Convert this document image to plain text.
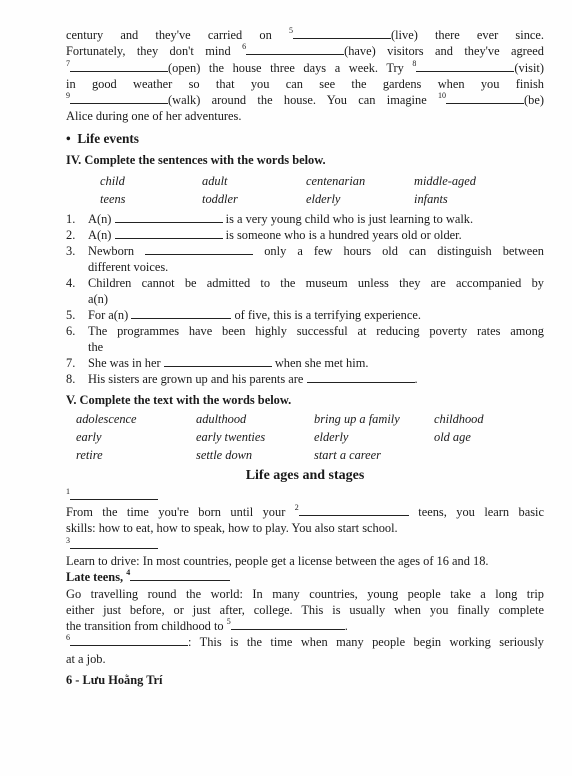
century and they've carried on $^5$	(live) there ever since.
Fortunately, they don't mind $^6$	(have) visitors and they've agreed
$^7$	(open) the house three days a week. Try $^8$	(visit)
in good weather so that you can see the gardens when you finish
$^9$	(walk) around the house. You can imagine $^{10}$	(be)
Alice during one of her adventures.
•  Life events
IV. Complete the sentences with the words below.
child	adult	centenarian	middle-aged
teens	toddler	elderly	infants
1.	A(n)	is a very young child who is just learning to walk.
2.	A(n)	is someone who is a hundred years old or older.
3.	Newborn	only a few hours old can distinguish between
different voices.
4.	Children cannot be admitted to the museum unless they are accompanied by
a(n)
5.	For a(n)	of five, this is a terrifying experience.
6.	The programmes have been highly successful at reducing poverty rates among
the
7.	She was in her	when she met him.
8.	His sisters are grown up and his parents are	.
V. Complete the text with the words below.
adolescence	adulthood	bring up a family	childhood
early	early twenties	elderly	old age
retire	settle down	start a career
Life ages and stages
$^1$
From the time you're born until your $^2$	teens, you learn basic
skills: how to eat, how to speak, how to play. You also start school.
$^3$
Learn to drive: In most countries, people get a license between the ages of 16 and 18.
Late teens, $^4$
Go travelling round the world: In many countries, young people take a long trip
either just before, or just after, college. This is usually when you finally complete
the transition from childhood to $^5$	.
$^6$	: This is the time when many people begin working seriously
at a job.
6 - Lưu Hoằng Trí
